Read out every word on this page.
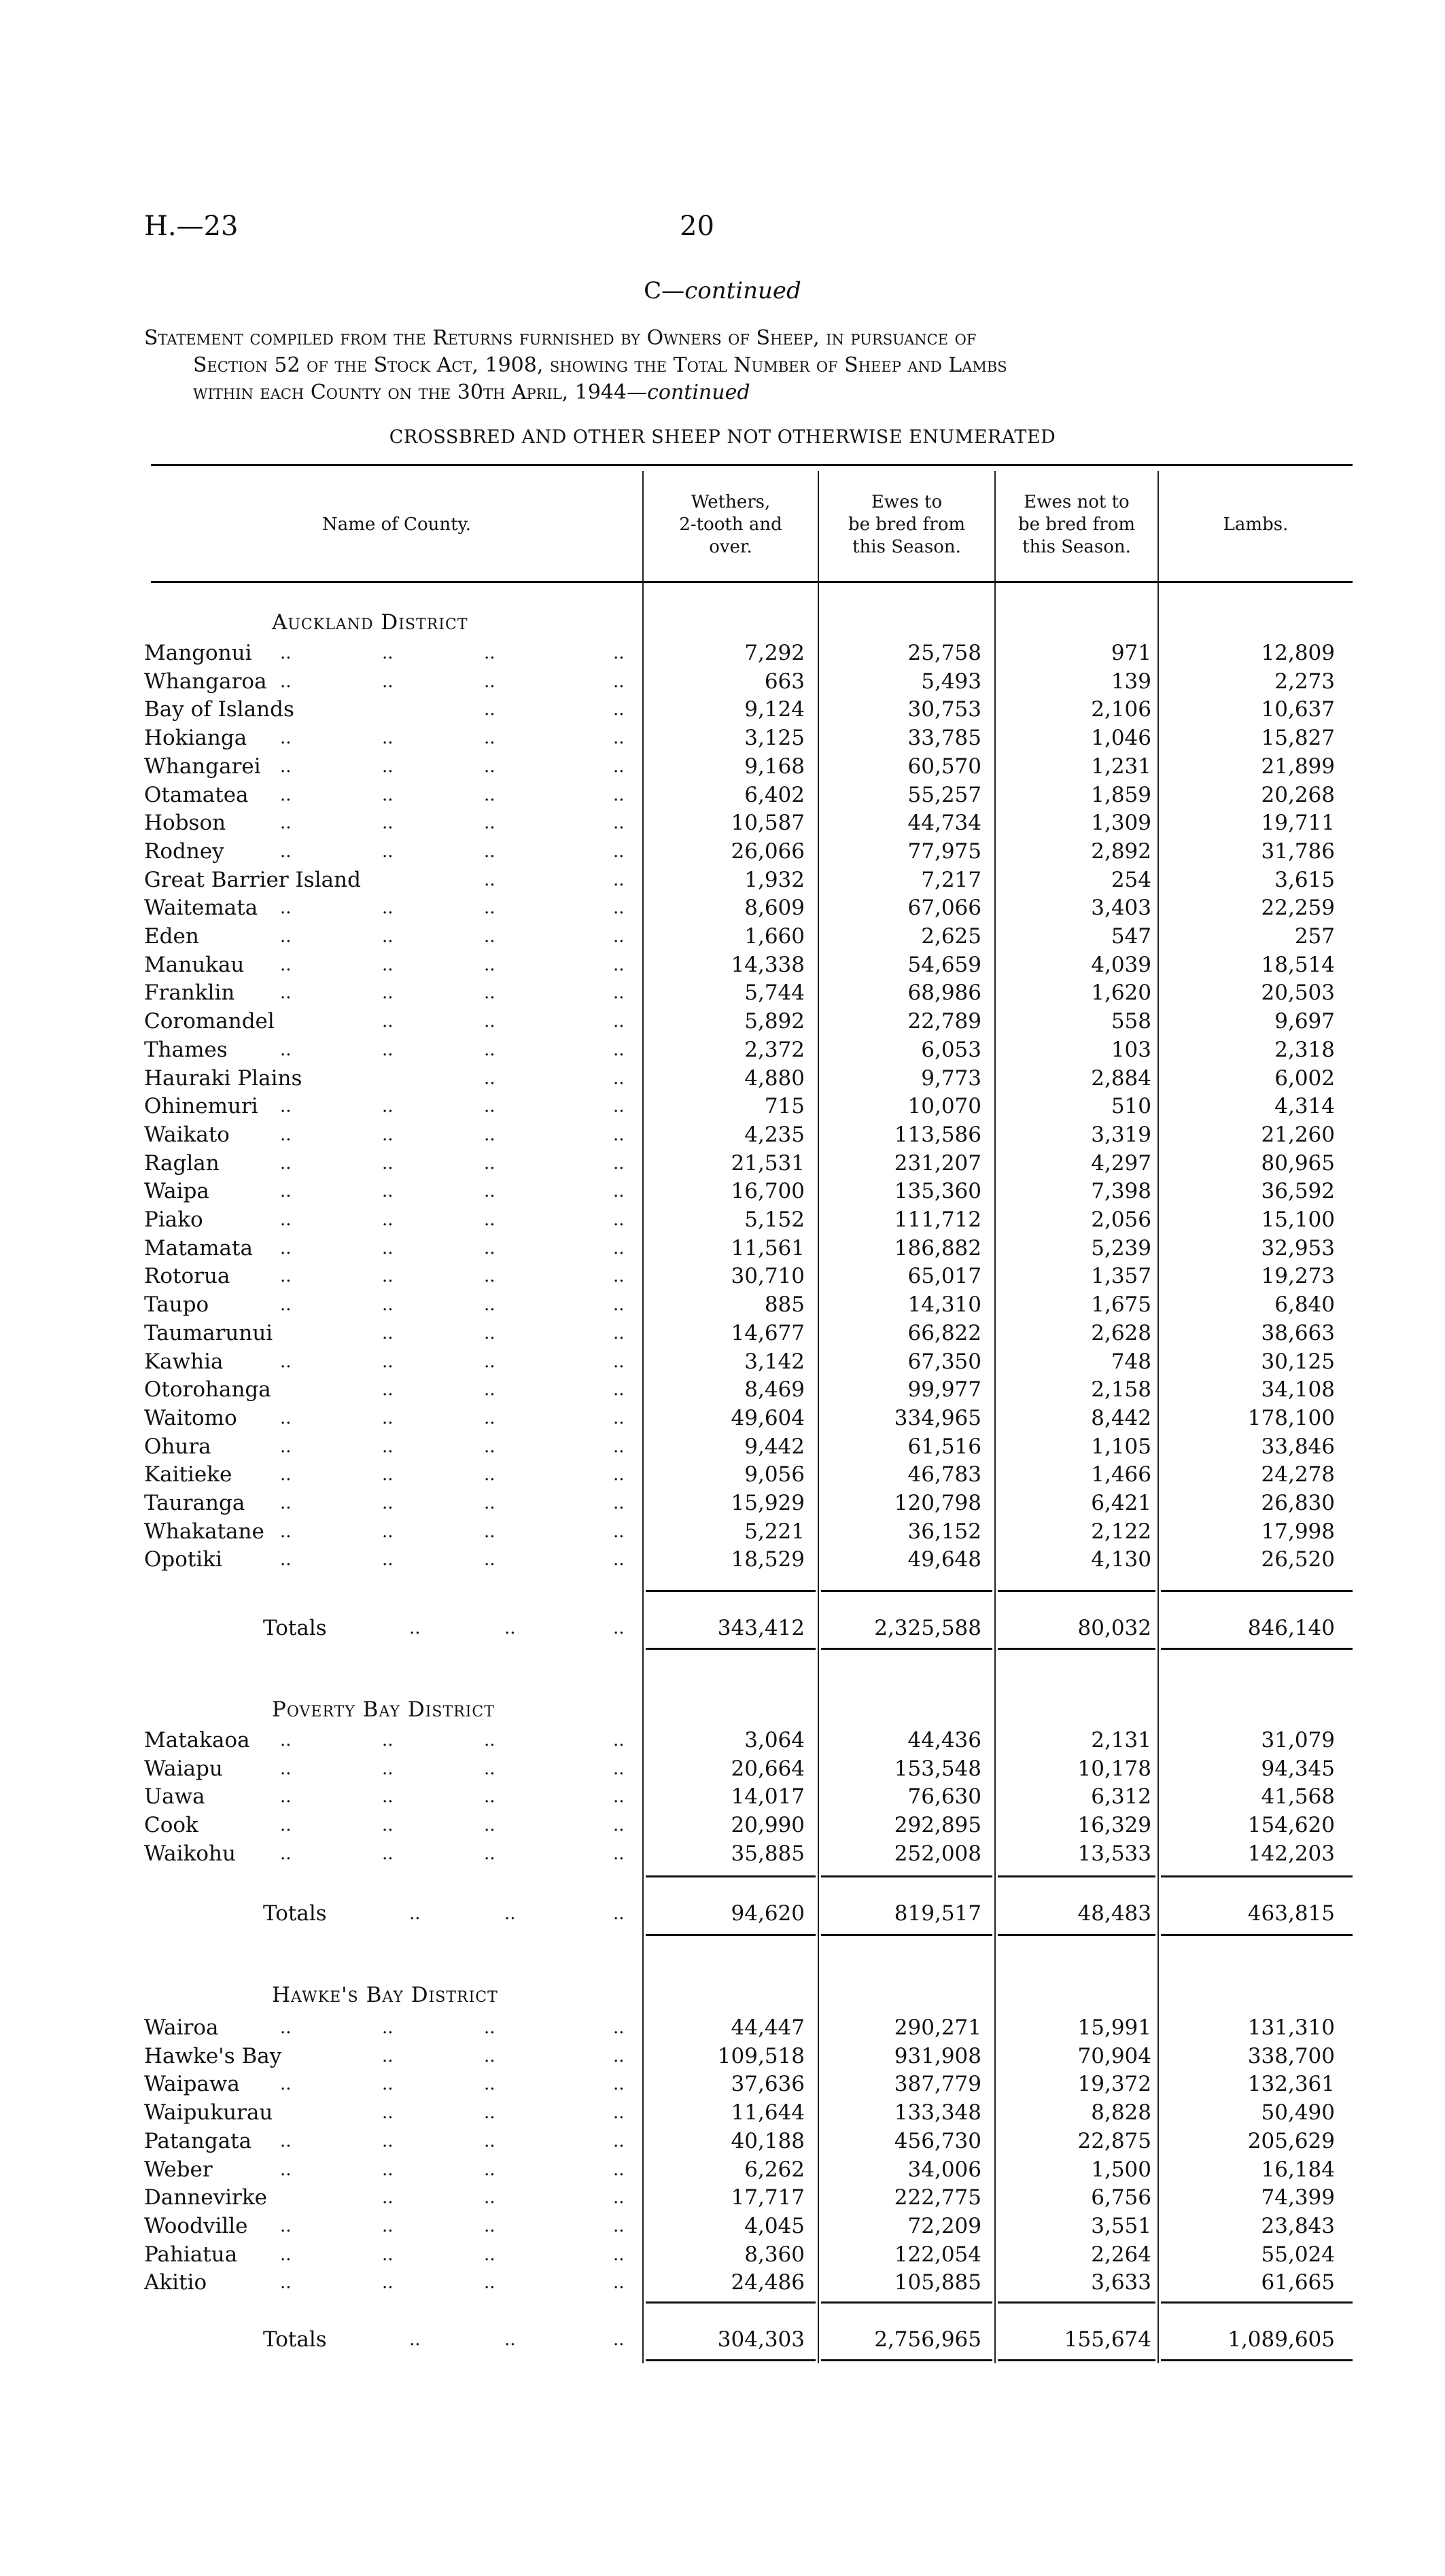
H.—23	20
C—continued
Statement compiled from the Returns furnished by Owners of Sheep, in pursuance of
Section 52 of the Stock Act, 1908, showing the Total Number of Sheep and Lambs
within each County on the 30th April, 1944—continued
CROSSBRED AND OTHER SHEEP NOT OTHERWISE ENUMERATED
Name of County.
Wethers,
2-tooth and
over.
Ewes to
be bred from
this Season.
Ewes not to
be bred from
this Season.
Lambs.
Auckland District
Mangonui ..	..	..	..	7,292	25,758	971	12,809
Whangaroa ..	..	..	..	663	5,493	139	2,273
Bay of Islands	..	..	9,124	30,753	2,106	10,637
Hokianga ..	..	..	..	3,125	33,785	1,046	15,827
Whangarei ..	..	..	..	9,168	60,570	1,231	21,899
Otamatea ..	..	..	..	6,402	55,257	1,859	20,268
Hobson	..	..	..	..	10,587	44,734	1,309	19,711
Rodney	..	..	..	..	26,066	77,975	2,892	31,786
Great Barrier Island	..	..	1,932	7,217	254	3,615
Waitemata ..	..	..	..	8,609	67,066	3,403	22,259
Eden	..	..	..	..	1,660	2,625	547	257
Manukau ..	..	..	..	14,338	54,659	4,039	18,514
Franklin	..	..	..	..	5,744	68,986	1,620	20,503
Coromandel	..	..	..	5,892	22,789	558	9,697
Thames	..	..	..	..	2,372	6,053	103	2,318
Hauraki Plains	..	..	4,880	9,773	2,884	6,002
Ohinemuri ..	..	..	..	715	10,070	510	4,314
Waikato	..	..	..	..	4,235	113,586	3,319	21,260
Raglan	..	..	..	..	21,531	231,207	4,297	80,965
Waipa	..	..	..	..	16,700	135,360	7,398	36,592
Piako	..	..	..	..	5,152	111,712	2,056	15,100
Matamata ..	..	..	..	11,561	186,882	5,239	32,953
Rotorua	..	..	..	..	30,710	65,017	1,357	19,273
Taupo	..	..	..	..	885	14,310	1,675	6,840
Taumarunui	..	..	..	14,677	66,822	2,628	38,663
Kawhia	..	..	..	..	3,142	67,350	748	30,125
Otorohanga	..	..	..	8,469	99,977	2,158	34,108
Waitomo ..	..	..	..	49,604	334,965	8,442	178,100
Ohura	..	..	..	..	9,442	61,516	1,105	33,846
Kaitieke	..	..	..	..	9,056	46,783	1,466	24,278
Tauranga ..	..	..	..	15,929	120,798	6,421	26,830
Whakatane ..	..	..	..	5,221	36,152	2,122	17,998
Opotiki	..	..	..	..	18,529	49,648	4,130	26,520
Totals	..	..	..	343,412	2,325,588	80,032	846,140
Poverty Bay District
Matakaoa ..	..	..	..	3,064	44,436	2,131	31,079
Waiapu	..	..	..	..	20,664	153,548	10,178	94,345
Uawa	..	..	..	..	14,017	76,630	6,312	41,568
Cook	..	..	..	..	20,990	292,895	16,329	154,620
Waikohu	..	..	..	..	35,885	252,008	13,533	142,203
Totals	..	..	..	94,620	819,517	48,483	463,815
Hawke's Bay District
Wairoa	..	..	..	..	44,447	290,271	15,991	131,310
Hawke's Bay	..	..	..	109,518	931,908	70,904	338,700
Waipawa ..	..	..	..	37,636	387,779	19,372	132,361
Waipukurau	..	..	..	11,644	133,348	8,828	50,490
Patangata ..	..	..	..	40,188	456,730	22,875	205,629
Weber	..	..	..	..	6,262	34,006	1,500	16,184
Dannevirke	..	..	..	17,717	222,775	6,756	74,399
Woodville ..	..	..	..	4,045	72,209	3,551	23,843
Pahiatua ..	..	..	..	8,360	122,054	2,264	55,024
Akitio	..	..	..	..	24,486	105,885	3,633	61,665
Totals	..	..	..	304,303	2,756,965	155,674	1,089,605
